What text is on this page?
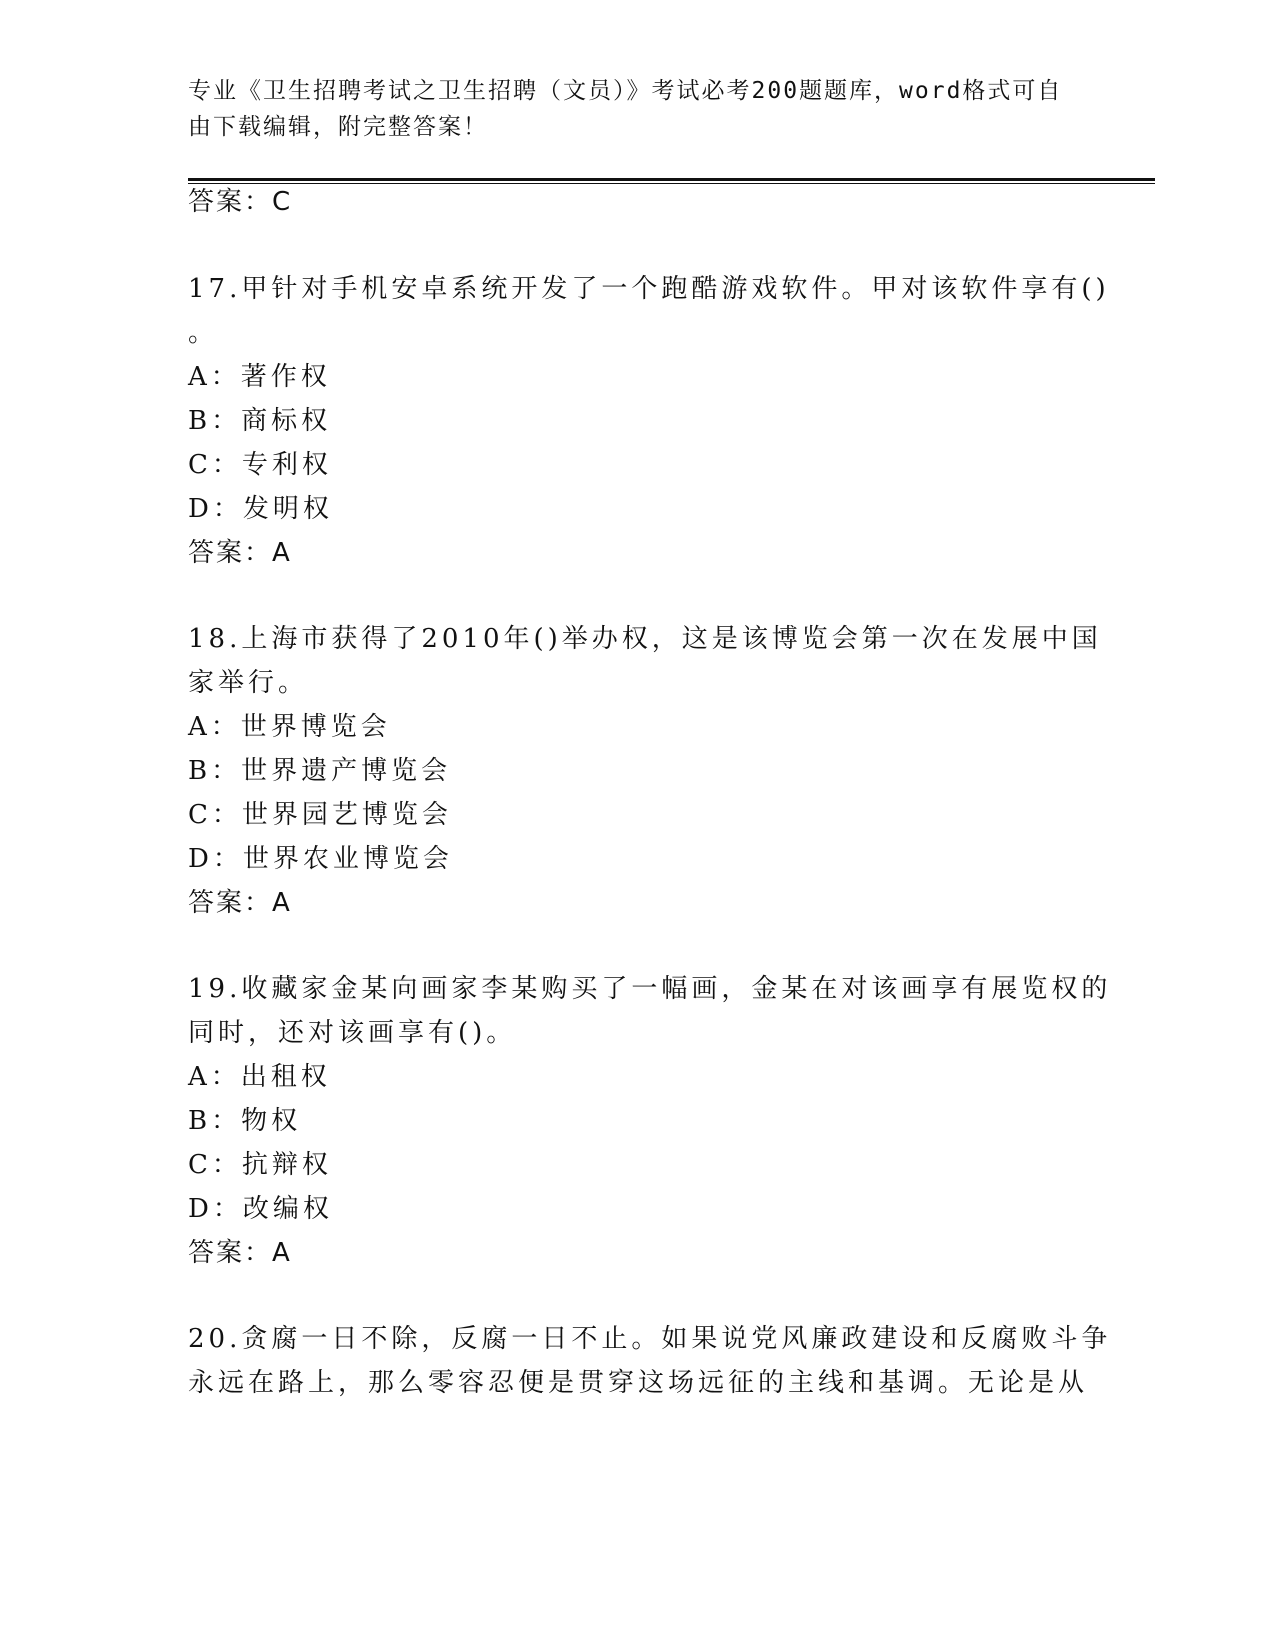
专业《卫生招聘考试之卫生招聘（文员）》考试必考200题题库，word格式可自
由下载编辑，附完整答案！
答案：C
17.甲针对手机安卓系统开发了一个跑酷游戏软件。甲对该软件享有()
。
A：著作权
B：商标权
C：专利权
D：发明权
答案：A
18.上海市获得了2010年()举办权，这是该博览会第一次在发展中国
家举行。
A：世界博览会
B：世界遗产博览会
C：世界园艺博览会
D：世界农业博览会
答案：A
19.收藏家金某向画家李某购买了一幅画，金某在对该画享有展览权的
同时，还对该画享有()。
A：出租权
B：物权
C：抗辩权
D：改编权
答案：A
20.贪腐一日不除，反腐一日不止。如果说党风廉政建设和反腐败斗争
永远在路上，那么零容忍便是贯穿这场远征的主线和基调。无论是从
